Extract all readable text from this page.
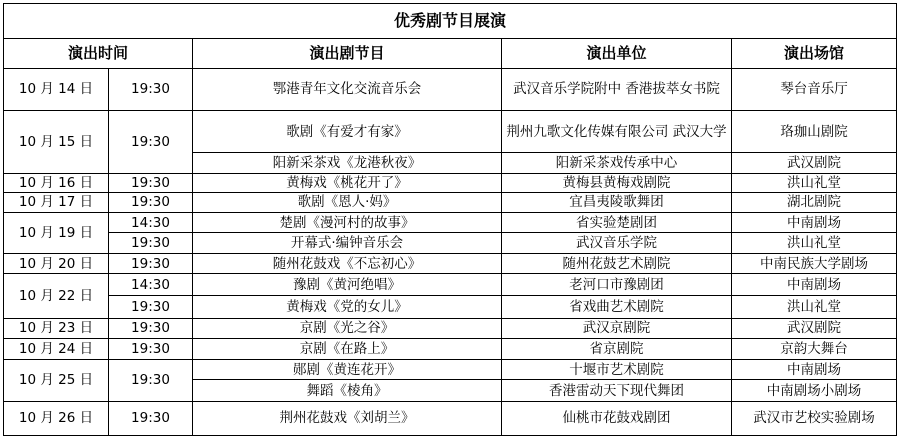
优秀剧节目展演				
演出时间		演出剧节目	演出单位	演出场馆
10 月 14 日	19:30	鄂港青年文化交流音乐会	武汉音乐学院附中 香港拔萃女书院	琴台音乐厅
10 月 15 日	19:30	歌剧《有爱才有家》	荆州九歌文化传媒有限公司 武汉大学	珞珈山剧院
		阳新采茶戏《龙港秋夜》	阳新采茶戏传承中心	武汉剧院
10 月 16 日	19:30	黄梅戏《桃花开了》	黄梅县黄梅戏剧院	洪山礼堂
10 月 17 日	19:30	歌剧《恩人·妈》	宜昌夷陵歌舞团	湖北剧院
10 月 19 日	14:30	楚剧《漫河村的故事》	省实验楚剧团	中南剧场
	19:30	开幕式·编钟音乐会	武汉音乐学院	洪山礼堂
10 月 20 日	19:30	随州花鼓戏《不忘初心》	随州花鼓艺术剧院	中南民族大学剧场
10 月 22 日	14:30	豫剧《黄河绝唱》	老河口市豫剧团	中南剧场
	19:30	黄梅戏《党的女儿》	省戏曲艺术剧院	洪山礼堂
10 月 23 日	19:30	京剧《光之谷》	武汉京剧院	武汉剧院
10 月 24 日	19:30	京剧《在路上》	省京剧院	京韵大舞台
10 月 25 日	19:30	郧剧《黄连花开》	十堰市艺术剧院	中南剧场
		舞蹈《棱角》	香港雷动天下现代舞团	中南剧场小剧场
10 月 26 日	19:30	荆州花鼓戏《刘胡兰》	仙桃市花鼓戏剧团	武汉市艺校实验剧场
